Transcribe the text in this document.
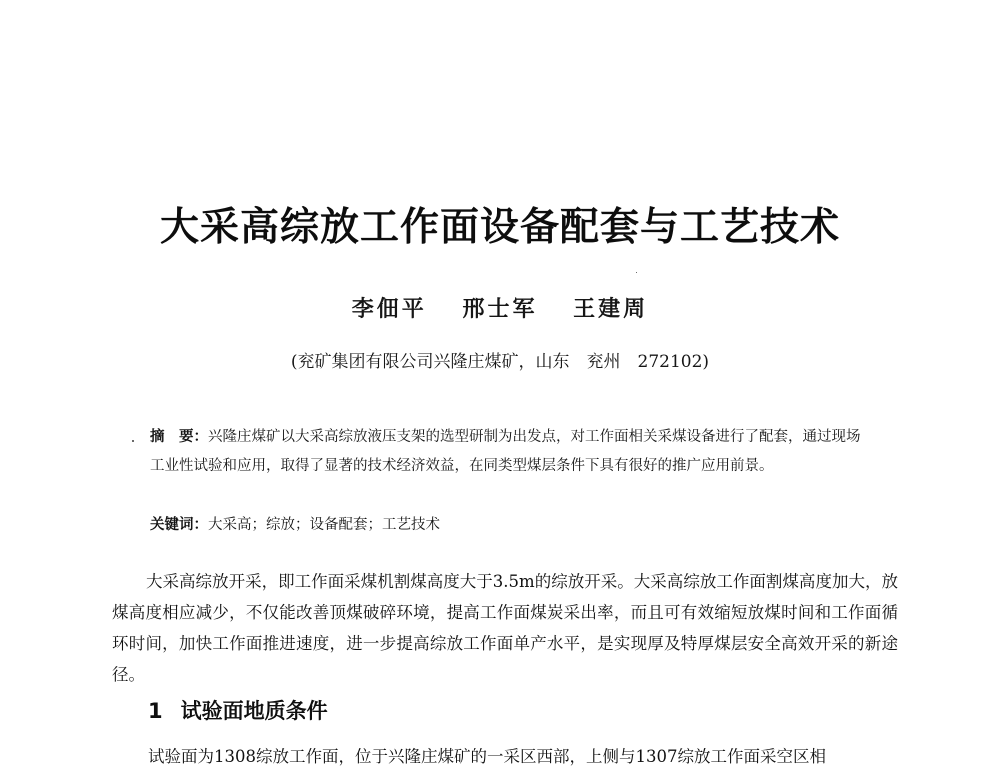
大采高综放工作面设备配套与工艺技术
李佃平 邢士军 王建周
(兖矿集团有限公司兴隆庄煤矿，山东　兖州　272102)
摘　要：兴隆庄煤矿以大采高综放液压支架的选型研制为出发点，对工作面相关采煤设备进行了配套，通过现场工业性试验和应用，取得了显著的技术经济效益，在同类型煤层条件下具有很好的推广应用前景。
关键词：大采高；综放；设备配套；工艺技术
大采高综放开采，即工作面采煤机割煤高度大于3.5m的综放开采。大采高综放工作面割煤高度加大，放煤高度相应减少，不仅能改善顶煤破碎环境，提高工作面煤炭采出率，而且可有效缩短放煤时间和工作面循环时间，加快工作面推进速度，进一步提高综放工作面单产水平，是实现厚及特厚煤层安全高效开采的新途径。
1 试验面地质条件
试验面为1308综放工作面，位于兴隆庄煤矿的一采区西部，上侧与1307综放工作面采空区相
